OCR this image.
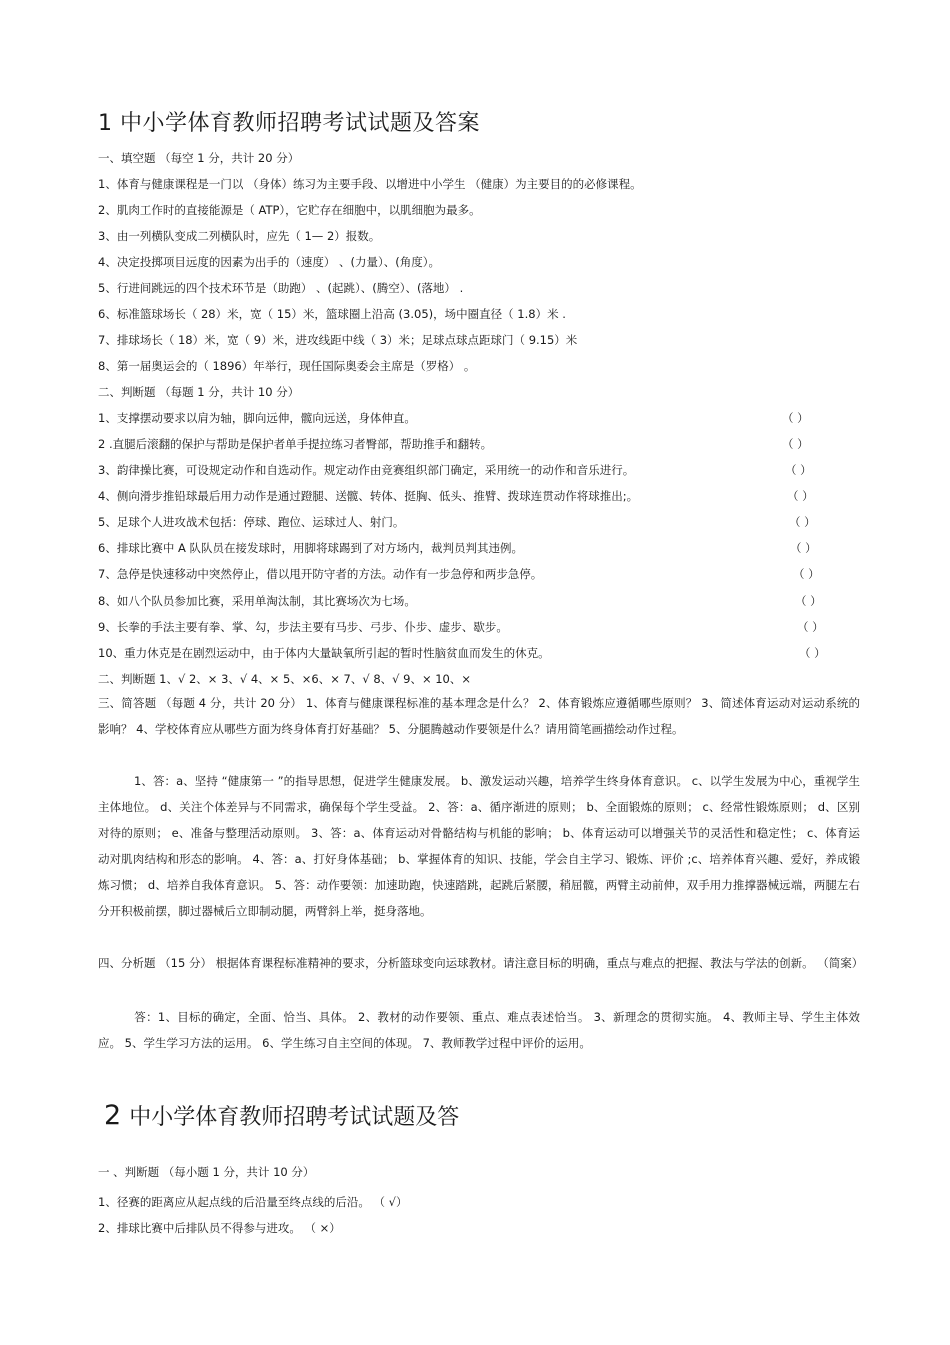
1 中小学体育教师招聘考试试题及答案
一、填空题 （每空 1 分，共计 20 分）
1、体育与健康课程是一门以 （身体）练习为主要手段、以增进中小学生 （健康）为主要目的的必修课程。
2、肌肉工作时的直接能源是（ ATP），它贮存在细胞中，以肌细胞为最多。
3、由一列横队变成二列横队时，应先（ 1— 2）报数。
4、决定投掷项目远度的因素为出手的（速度） 、(力量）、(角度）。
5、行进间跳远的四个技术环节是（助跑） 、(起跳）、(腾空）、(落地） .
6、标准篮球场长（ 28）米，宽（ 15）米，篮球圈上沿高 (3.05)，场中圈直径（ 1.8）米 .
7、排球场长（ 18）米，宽（ 9）米，进攻线距中线（ 3）米；足球点球点距球门（ 9.15）米
8、第一届奥运会的（ 1896）年举行，现任国际奥委会主席是（罗格） 。
二、判断题 （每题 1 分，共计 10 分）
1、支撑摆动要求以肩为轴，脚向远伸，髋向远送，身体伸直。	（ ）
2 .直腿后滚翻的保护与帮助是保护者单手提拉练习者臀部，帮助推手和翻转。	（ ）
3、韵律操比赛，可设规定动作和自选动作。规定动作由竞赛组织部门确定，采用统一的动作和音乐进行。	（ ）
4、侧向滑步推铅球最后用力动作是通过蹬腿、送髋、转体、挺胸、低头、推臂、拨球连贯动作将球推出;。	（ ）
5、足球个人进攻战术包括：停球、跑位、运球过人、射门。	（ ）
6、排球比赛中 A 队队员在接发球时，用脚将球踢到了对方场内，裁判员判其违例。	（ ）
7、急停是快速移动中突然停止，借以甩开防守者的方法。动作有一步急停和两步急停。	（ ）
8、如八个队员参加比赛，采用单淘汰制，其比赛场次为七场。	（ ）
9、长拳的手法主要有拳、掌、勾，步法主要有马步、弓步、仆步、虚步、歇步。	（ ）
10、重力休克是在剧烈运动中，由于体内大量缺氧所引起的暂时性脑贫血而发生的休克。	（ ）
二、判断题 1、√ 2、× 3、√ 4、× 5、×6、× 7、√ 8、√ 9、× 10、×
三、简答题 （每题 4 分，共计 20 分） 1、体育与健康课程标准的基本理念是什么？ 2、体育锻炼应遵循哪些原则？ 3、简述体育运动对运动系统的影响？ 4、学校体育应从哪些方面为终身体育打好基础？ 5、分腿腾越动作要领是什么？请用简笔画描绘动作过程。
1、答：a、坚持 “健康第一 ”的指导思想，促进学生健康发展。 b、激发运动兴趣，培养学生终身体育意识。 c、以学生发展为中心，重视学生主体地位。 d、关注个体差异与不同需求，确保每个学生受益。 2、答：a、循序渐进的原则； b、全面锻炼的原则； c、经常性锻炼原则； d、区别对待的原则； e、准备与整理活动原则。 3、答：a、体育运动对骨骼结构与机能的影响； b、体育运动可以增强关节的灵活性和稳定性； c、体育运动对肌肉结构和形态的影响。 4、答：a、打好身体基础； b、掌握体育的知识、技能，学会自主学习、锻炼、评价 ;c、培养体育兴趣、爱好，养成锻炼习惯； d、培养自我体育意识。 5、答：动作要领：加速助跑，快速踏跳，起跳后紧腰，稍屈髋，两臂主动前伸，双手用力推撑器械远端，两腿左右分开积极前摆，脚过器械后立即制动腿，两臂斜上举，挺身落地。
四、分析题 （15 分） 根据体育课程标准精神的要求，分析篮球变向运球教材。请注意目标的明确，重点与难点的把握、教法与学法的创新。 （简案）
答：1、目标的确定，全面、恰当、具体。 2、教材的动作要领、重点、难点表述恰当。 3、新理念的贯彻实施。 4、教师主导、学生主体效应。 5、学生学习方法的运用。 6、学生练习自主空间的体现。 7、教师教学过程中评价的运用。
2 中小学体育教师招聘考试试题及答
一 、判断题 （每小题 1 分，共计 10 分）
1、径赛的距离应从起点线的后沿量至终点线的后沿。 （ √）
2、排球比赛中后排队员不得参与进攻。 （ ×）
